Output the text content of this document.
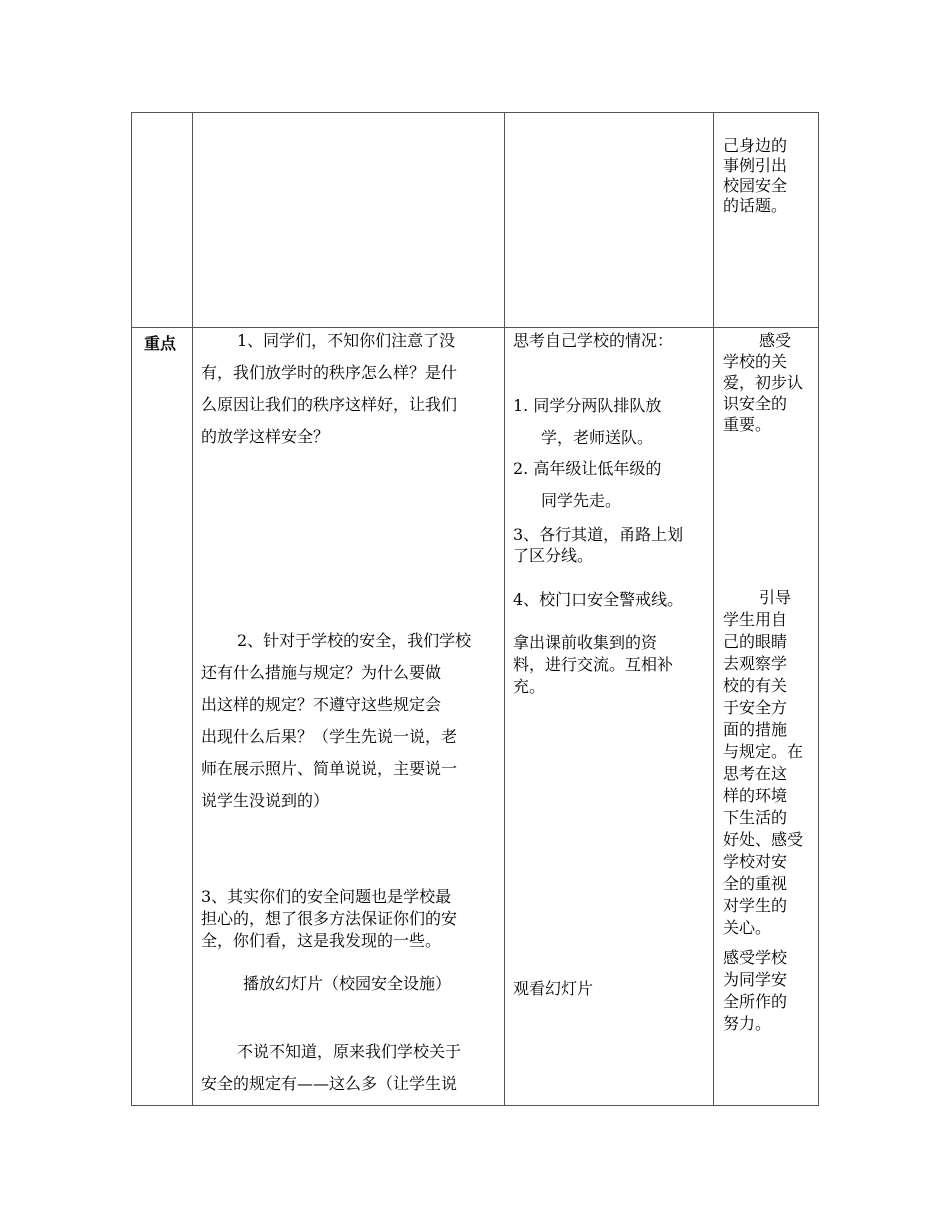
己身边的
事例引出
校园安全
的话题。
重点	1、同学们，不知你们注意了没
有，我们放学时的秩序怎么样？是什
么原因让我们的秩序这样好，让我们
的放学这样安全？
2、针对于学校的安全，我们学校
还有什么措施与规定？为什么要做
出这样的规定？不遵守这些规定会
出现什么后果？（学生先说一说，老
师在展示照片、简单说说，主要说一
说学生没说到的）
3、其实你们的安全问题也是学校最
担心的，想了很多方法保证你们的安
全，你们看，这是我发现的一些。
播放幻灯片（校园安全设施）
不说不知道，原来我们学校关于
安全的规定有——这么多（让学生说
思考自己学校的情况：
1. 同学分两队排队放
学，老师送队。
2. 高年级让低年级的
同学先走。
3、各行其道，甬路上划
了区分线。
4、校门口安全警戒线。
拿出课前收集到的资
料，进行交流。互相补
充。
观看幻灯片
感受
学校的关
爱，初步认
识安全的
重要。
引导
学生用自
己的眼睛
去观察学
校的有关
于安全方
面的措施
与规定。在
思考在这
样的环境
下生活的
好处、感受
学校对安
全的重视
对学生的
关心。
感受学校
为同学安
全所作的
努力。
